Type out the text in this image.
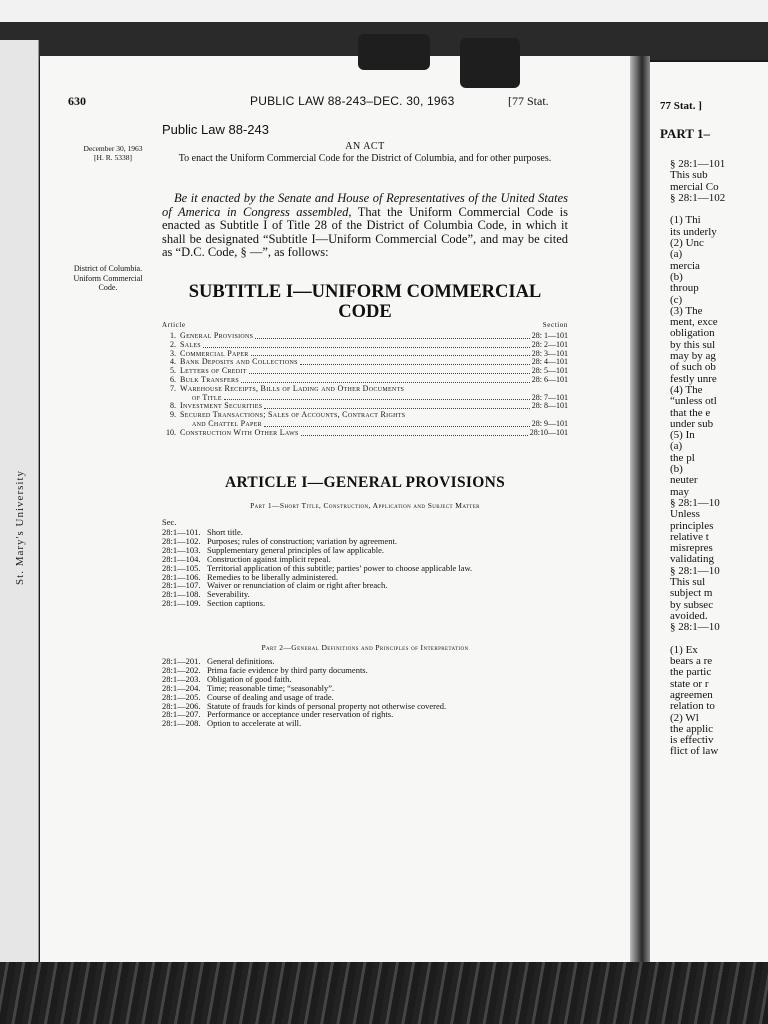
St. Mary's University
630	PUBLIC LAW 88-243–DEC. 30, 1963	[77 Stat.
Public Law 88-243
December 30, 1963
[H. R. 5338]
AN ACT
To enact the Uniform Commercial Code for the District of Columbia, and for other purposes.
Be it enacted by the Senate and House of Representatives of the United States of America in Congress assembled, That the Uniform Commercial Code is enacted as Subtitle I of Title 28 of the District of Columbia Code, in which it shall be designated “Subtitle I—Uniform Commercial Code”, and may be cited as “D.C. Code, § —”, as follows:
District of Columbia.
Uniform Commercial Code.	SUBTITLE I—UNIFORM COMMERCIAL
CODE
Article	Section
1. General Provisions	28: 1—101
2. Sales	28: 2—101
3. Commercial Paper	28: 3—101
4. Bank Deposits and Collections	28: 4—101
5. Letters of Credit	28: 5—101
6. Bulk Transfers	28: 6—101
7. Warehouse Receipts, Bills of Lading and Other Documents
of Title	28: 7—101
8. Investment Securities	28: 8—101
9. Secured Transactions; Sales of Accounts, Contract Rights
and Chattel Paper	28: 9—101
10. Construction With Other Laws	28:10—101
ARTICLE I—GENERAL PROVISIONS
Part 1—Short Title, Construction, Application and Subject Matter
Sec.
28:1—101. Short title.
28:1—102. Purposes; rules of construction; variation by agreement.
28:1—103. Supplementary general principles of law applicable.
28:1—104. Construction against implicit repeal.
28:1—105. Territorial application of this subtitle; parties’ power to choose applicable law.
28:1—106. Remedies to be liberally administered.
28:1—107. Waiver or renunciation of claim or right after breach.
28:1—108. Severability.
28:1—109. Section captions.
Part 2—General Definitions and Principles of Interpretation
28:1—201. General definitions.
28:1—202. Prima facie evidence by third party documents.
28:1—203. Obligation of good faith.
28:1—204. Time; reasonable time; “seasonably”.
28:1—205. Course of dealing and usage of trade.
28:1—206. Statute of frauds for kinds of personal property not otherwise covered.
28:1—207. Performance or acceptance under reservation of rights.
28:1—208. Option to accelerate at will.
77 Stat. ]
PART 1–
§ 28:1—101
This sub
mercial Co
§ 28:1—102
(1) Thi
its underly
(2) Unc
(a)
mercia
(b)
throup
(c)
(3) The
ment, exce
obligation
by this sul
may by ag
of such ob
festly unre
(4) The
“unless otl
that the e
under sub
(5) In
(a)
the pl
(b)
neuter
may
§ 28:1—10
Unless
principles
relative t
misrepres
validating
§ 28:1—10
This sul
subject m
by subsec
avoided.
§ 28:1—10
(1) Ex
bears a re
the partic
state or r
agreemen
relation to
(2) Wl
the applic
is effectiv
flict of law
